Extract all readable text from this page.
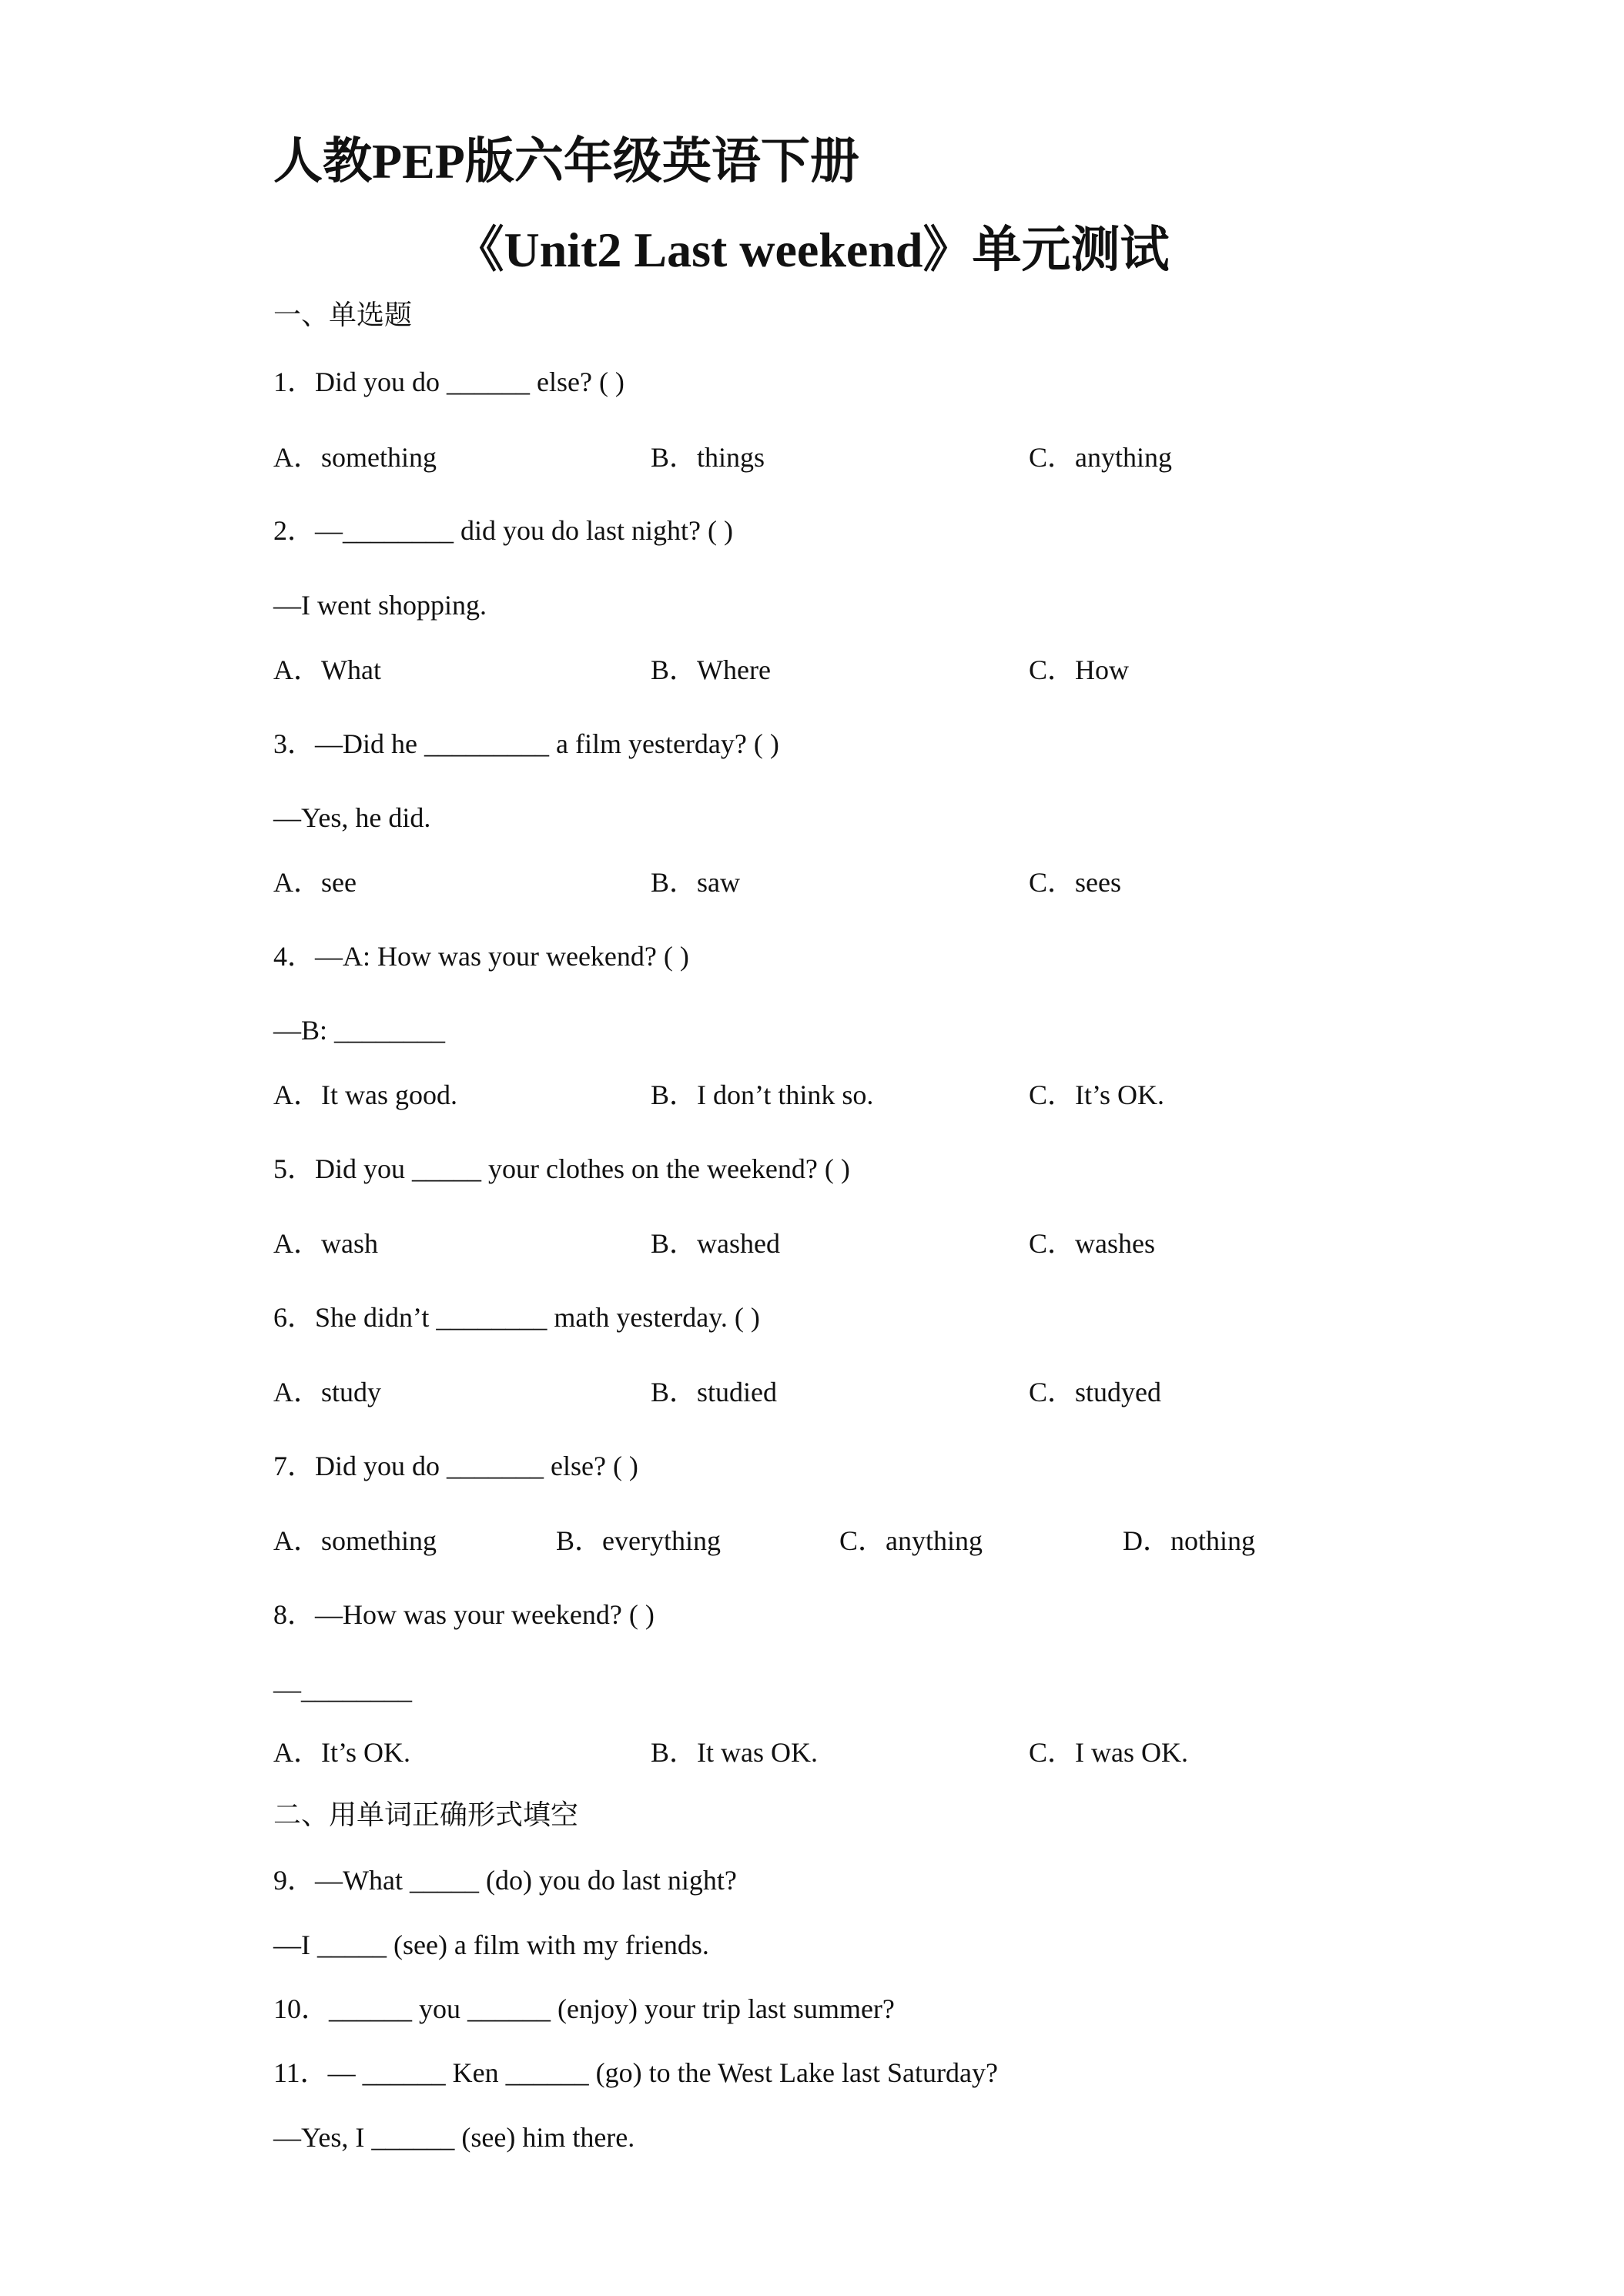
人教PEP版六年级英语下册
《Unit2 Last weekend》单元测试
一、单选题
1．Did you do ______ else? ( )
A．something	B．things	C．anything
2．—________ did you do last night? ( )
—I went shopping.
A．What	B．Where	C．How
3．—Did he _________ a film yesterday? ( )
—Yes, he did.
A．see	B．saw	C．sees
4．—A: How was your weekend? ( )
—B: ________
A．It was good.	B．I don’t think so.	C．It’s OK.
5．Did you _____ your clothes on the weekend? ( )
A．wash	B．washed	C．washes
6．She didn’t ________ math yesterday. ( )
A．study	B．studied	C．studyed
7．Did you do _______ else? ( )
A．something	B．everything	C．anything	D．nothing
8．—How was your weekend? ( )
—________
A．It’s OK.	B．It was OK.	C．I was OK.
二、用单词正确形式填空
9．—What _____ (do) you do last night?
—I _____ (see) a film with my friends.
10．______ you ______ (enjoy) your trip last summer?
11．— ______ Ken ______ (go) to the West Lake last Saturday?
—Yes, I ______ (see) him there.
